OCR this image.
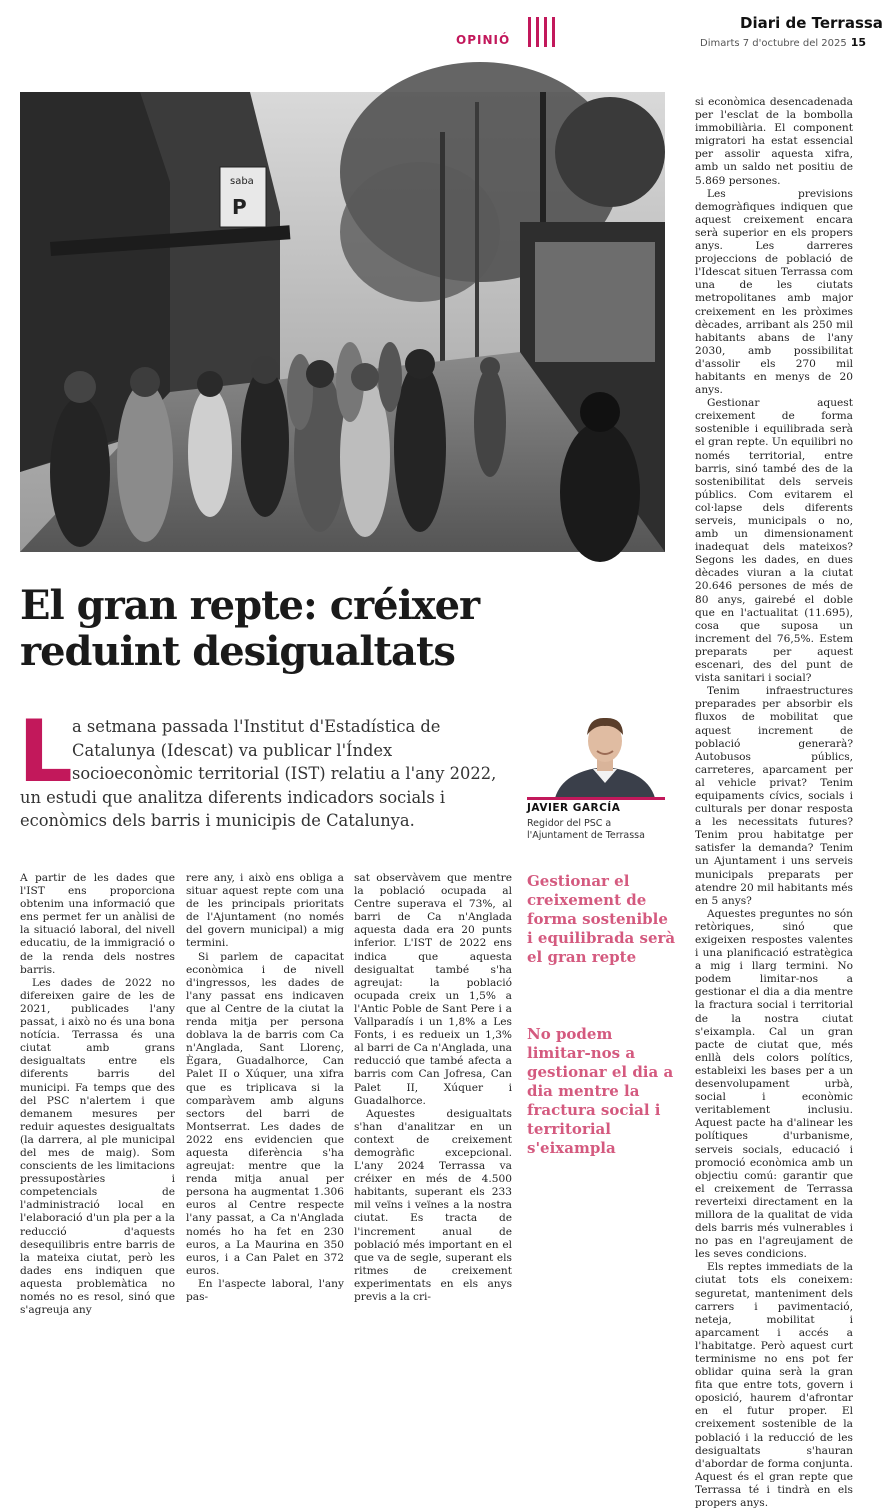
OPINIÓ
Diari de Terrassa
Dimarts 7 d'octubre del 2025 15
saba
P
El gran repte: créixer reduint desigualtats
L a setmana passada l'Institut d'Estadística de Catalunya (Idescat) va publicar l'Índex socioeconòmic territorial (IST) relatiu a l'any 2022, un estudi que analitza diferents indicadors socials i econòmics dels barris i municipis de Catalunya.
JAVIER GARCÍA
Regidor del PSC a l'Ajuntament de Terrassa

A partir de les dades que l'IST ens proporciona obtenim una informació que ens permet fer un anàlisi de la situació laboral, del nivell educatiu, de la immigració o de la renda dels nostres barris.

Les dades de 2022 no difereixen gaire de les de 2021, publicades l'any passat, i això no és una bona notícia. Terrassa és una ciutat amb grans desigualtats entre els diferents barris del municipi. Fa temps que des del PSC n'alertem i que demanem mesures per reduir aquestes desigualtats (la darrera, al ple municipal del mes de maig). Som conscients de les limitacions pressupostàries i competencials de l'administració local en l'elaboració d'un pla per a la reducció d'aquests desequilibris entre barris de la mateixa ciutat, però les dades ens indiquen que aquesta problemàtica no només no es resol, sinó que s'agreuja any

rere any, i això ens obliga a situar aquest repte com una de les principals prioritats de l'Ajuntament (no només del govern municipal) a mig termini.

Si parlem de capacitat econòmica i de nivell d'ingressos, les dades de l'any passat ens indicaven que al Centre de la ciutat la renda mitja per persona doblava la de barris com Ca n'Anglada, Sant Llorenç, Ègara, Guadalhorce, Can Palet II o Xúquer, una xifra que es triplicava si la comparàvem amb alguns sectors del barri de Montserrat. Les dades de 2022 ens evidencien que aquesta diferència s'ha agreujat: mentre que la renda mitja anual per persona ha augmentat 1.306 euros al Centre respecte l'any passat, a Ca n'Anglada només ho ha fet en 230 euros, a La Maurina en 350 euros, i a Can Palet en 372 euros.

En l'aspecte laboral, l'any pas-

sat observàvem que mentre la població ocupada al Centre superava el 73%, al barri de Ca n'Anglada aquesta dada era 20 punts inferior. L'IST de 2022 ens indica que aquesta desigualtat també s'ha agreujat: la població ocupada creix un 1,5% a l'Antic Poble de Sant Pere i a Vallparadís i un 1,8% a Les Fonts, i es redueix un 1,3% al barri de Ca n'Anglada, una reducció que també afecta a barris com Can Jofresa, Can Palet II, Xúquer i Guadalhorce.

Aquestes desigualtats s'han d'analitzar en un context de creixement demogràfic excepcional. L'any 2024 Terrassa va créixer en més de 4.500 habitants, superant els 233 mil veïns i veïnes a la nostra ciutat. Es tracta de l'increment anual de població més important en el que va de segle, superant els ritmes de creixement experimentats en els anys previs a la cri-

si econòmica desencadenada per l'esclat de la bombolla immobiliària. El component migratori ha estat essencial per assolir aquesta xifra, amb un saldo net positiu de 5.869 persones.

Les previsions demogràfiques indiquen que aquest creixement encara serà superior en els propers anys. Les darreres projeccions de població de l'Idescat situen Terrassa com una de les ciutats metropolitanes amb major creixement en les pròximes dècades, arribant als 250 mil habitants abans de l'any 2030, amb possibilitat d'assolir els 270 mil habitants en menys de 20 anys.

Gestionar aquest creixement de forma sostenible i equilibrada serà el gran repte. Un equilibri no només territorial, entre barris, sinó també des de la sostenibilitat dels serveis públics. Com evitarem el col·lapse dels diferents serveis, municipals o no, amb un dimensionament inadequat dels mateixos? Segons les dades, en dues dècades viuran a la ciutat 20.646 persones de més de 80 anys, gairebé el doble que en l'actualitat (11.695), cosa que suposa un increment del 76,5%. Estem preparats per aquest escenari, des del punt de vista sanitari i social?

Tenim infraestructures preparades per absorbir els fluxos de mobilitat que aquest increment de població generarà? Autobusos públics, carreteres, aparcament per al vehicle privat? Tenim equipaments cívics, socials i culturals per donar resposta a les necessitats futures? Tenim prou habitatge per satisfer la demanda? Tenim un Ajuntament i uns serveis municipals preparats per atendre 20 mil habitants més en 5 anys?

Aquestes preguntes no són retòriques, sinó que exigeixen respostes valentes i una planificació estratègica a mig i llarg termini. No podem limitar-nos a gestionar el dia a dia mentre la fractura social i territorial de la nostra ciutat s'eixampla. Cal un gran pacte de ciutat que, més enllà dels colors polítics, estableixi les bases per a un desenvolupament urbà, social i econòmic veritablement inclusiu. Aquest pacte ha d'alinear les polítiques d'urbanisme, serveis socials, educació i promoció econòmica amb un objectiu comú: garantir que el creixement de Terrassa reverteixi directament en la millora de la qualitat de vida dels barris més vulnerables i no pas en l'agreujament de les seves condicions.

Els reptes immediats de la ciutat tots els coneixem: seguretat, manteniment dels carrers i pavimentació, neteja, mobilitat i aparcament i accés a l'habitatge. Però aquest curt terminisme no ens pot fer oblidar quina serà la gran fita que entre tots, govern i oposició, haurem d'afrontar en el futur proper. El creixement sostenible de la població i la reducció de les desigualtats s'hauran d'abordar de forma conjunta. Aquest és el gran repte que Terrassa té i tindrà en els propers anys.

Gestionar el creixement de forma sostenible i equilibrada serà el gran repte
No podem limitar-nos a gestionar el dia a dia mentre la fractura social i territorial s'eixampla
